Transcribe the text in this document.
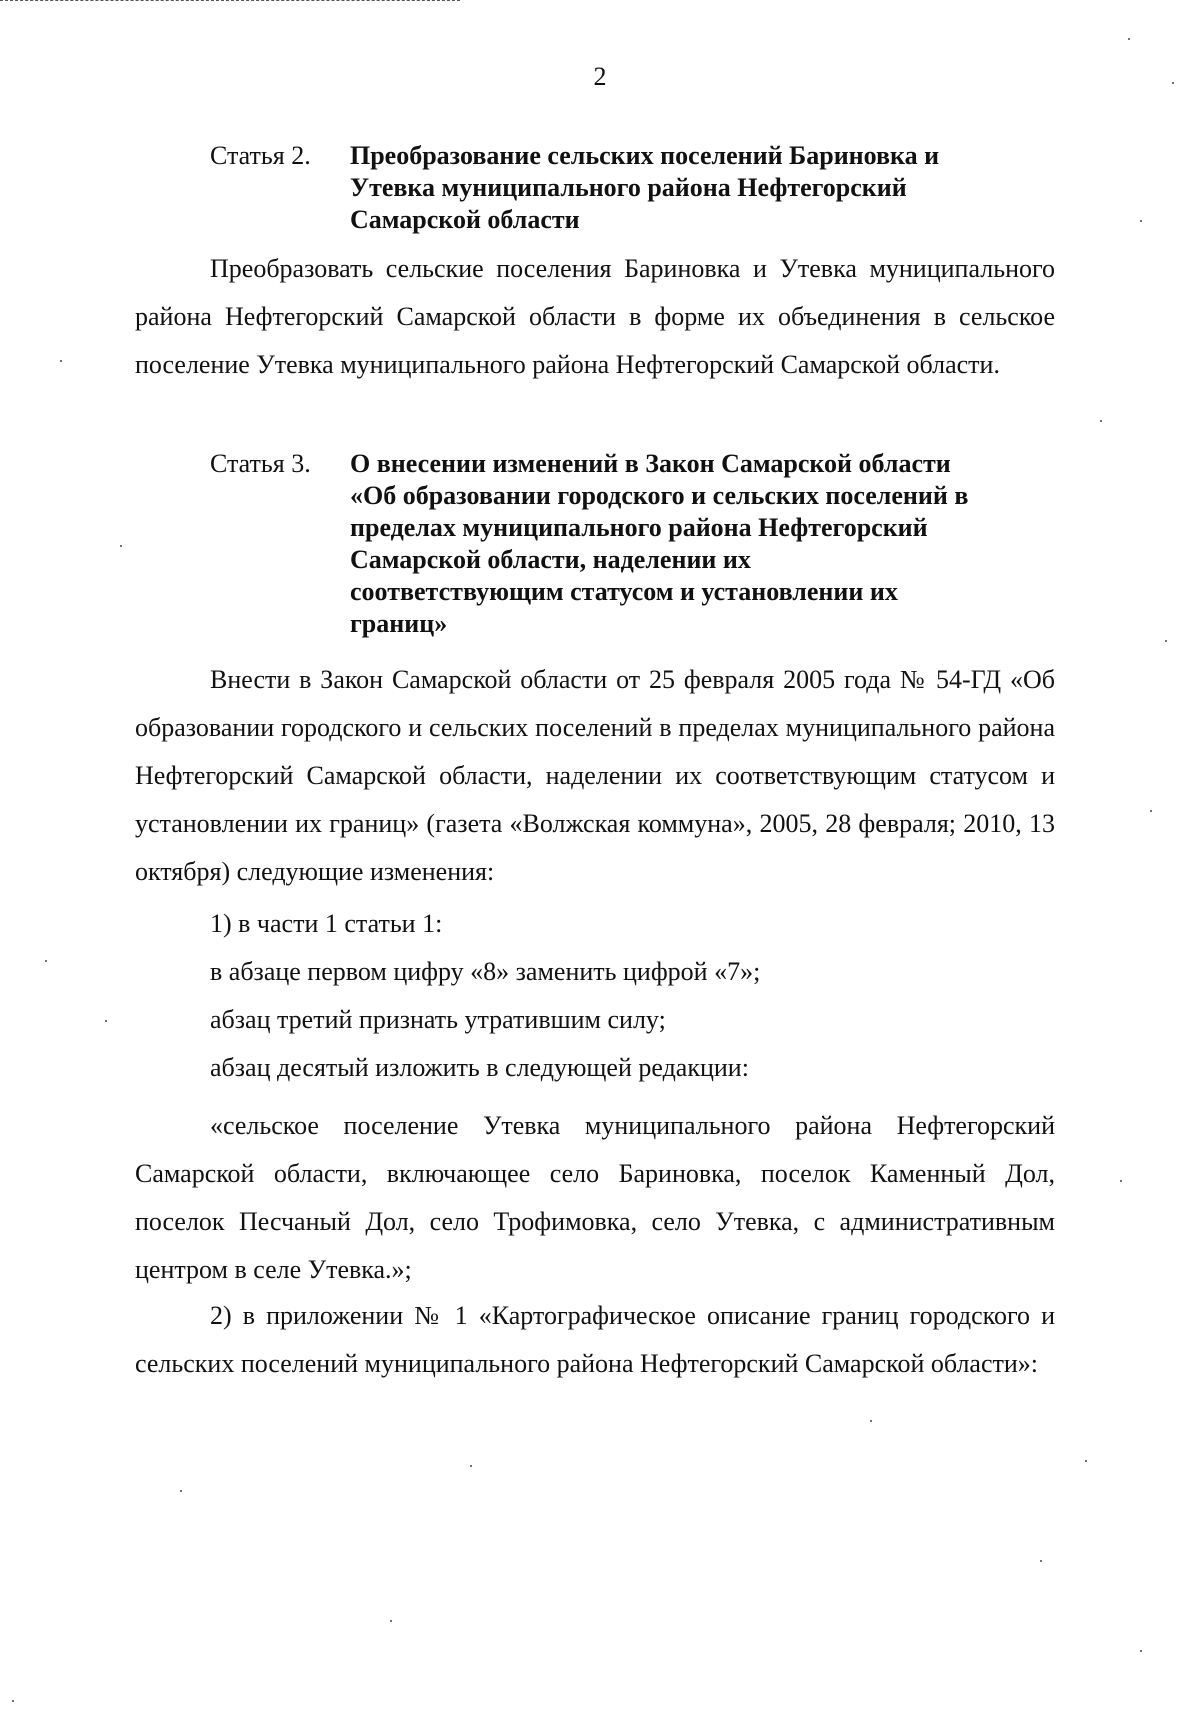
2
Статья 2.	Преобразование сельских поселений Бариновка и Утевка муниципального района Нефтегорский Самарской области

Преобразовать сельские поселения Бариновка и Утевка муниципального района Нефтегорский Самарской области в форме их объединения в сельское поселение Утевка муниципального района Нефтегорский Самарской области.

Статья 3.	О внесении изменений в Закон Самарской области «Об образовании городского и сельских поселений в пределах муниципального района Нефтегорский Самарской области, наделении их соответствующим статусом и установлении их границ»

Внести в Закон Самарской области от 25 февраля 2005 года № 54-ГД «Об образовании городского и сельских поселений в пределах муниципального района Нефтегорский Самарской области, наделении их соответствующим статусом и установлении их границ» (газета «Волжская коммуна», 2005, 28 февраля; 2010, 13 октября) следующие изменения:

1) в части 1 статьи 1:

в абзаце первом цифру «8» заменить цифрой «7»;

абзац третий признать утратившим силу;

абзац десятый изложить в следующей редакции:

«сельское поселение Утевка муниципального района Нефтегорский Самарской области, включающее село Бариновка, поселок Каменный Дол, поселок Песчаный Дол, село Трофимовка, село Утевка, с административным центром в селе Утевка.»;

2) в приложении № 1 «Картографическое описание границ городского и сельских поселений муниципального района Нефтегорский Самарской области»:
